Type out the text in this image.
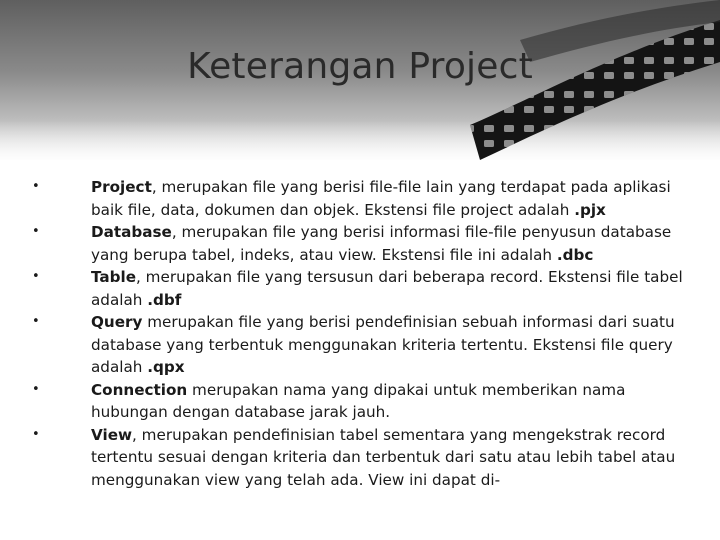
Keterangan Project
•	Project, merupakan file yang berisi file-file lain yang terdapat pada aplikasi baik file, data, dokumen dan objek. Ekstensi file project adalah .pjx
•	Database, merupakan file yang berisi informasi file-file penyusun database yang berupa tabel, indeks, atau view. Ekstensi file ini adalah .dbc
•	Table, merupakan file yang tersusun dari beberapa record. Ekstensi file tabel adalah .dbf
•	Query merupakan file yang berisi pendefinisian sebuah informasi dari suatu database yang terbentuk menggunakan kriteria tertentu. Ekstensi file query adalah .qpx
•	Connection merupakan nama yang dipakai untuk memberikan nama hubungan dengan database jarak jauh.
•	View, merupakan pendefinisian tabel sementara yang mengekstrak record tertentu sesuai dengan kriteria dan terbentuk dari satu atau lebih tabel atau menggunakan view yang telah ada. View ini dapat di-
